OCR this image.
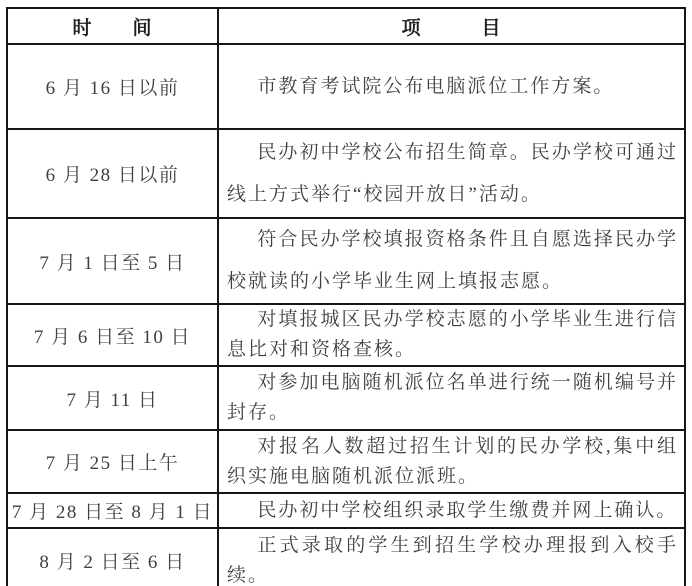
时　　间	项　　　目
6 月 16 日以前	市教育考试院公布电脑派位工作方案。

6 月 28 日以前	民办初中学校公布招生简章。民办学校可通过线上方式举行“校园开放日”活动。

7 月 1 日至 5 日	符合民办学校填报资格条件且自愿选择民办学校就读的小学毕业生网上填报志愿。

7 月 6 日至 10 日	对填报城区民办学校志愿的小学毕业生进行信息比对和资格查核。

7 月 11 日	对参加电脑随机派位名单进行统一随机编号并封存。

7 月 25 日上午	对报名人数超过招生计划的民办学校,集中组织实施电脑随机派位派班。

7 月 28 日至 8 月 1 日	民办初中学校组织录取学生缴费并网上确认。

8 月 2 日至 6 日	正式录取的学生到招生学校办理报到入校手续。
